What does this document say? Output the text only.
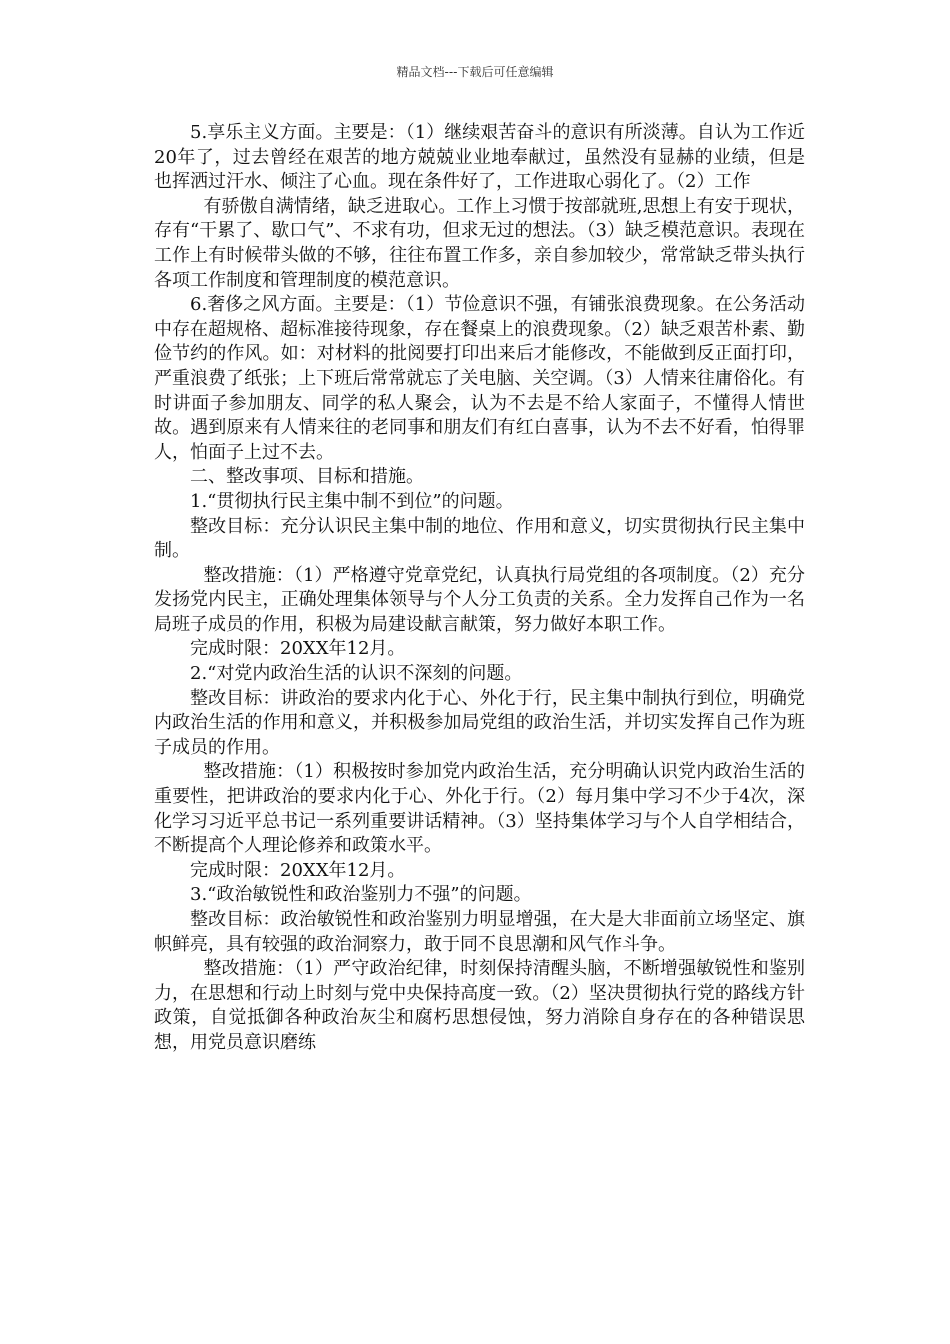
精品文档---下载后可任意编辑

5.享乐主义方面。主要是：（1）继续艰苦奋斗的意识有所淡薄。自认为工作近20年了，过去曾经在艰苦的地方兢兢业业地奉献过，虽然没有显赫的业绩，但是也挥洒过汗水、倾注了心血。现在条件好了，工作进取心弱化了。（2）工作

有骄傲自满情绪，缺乏进取心。工作上习惯于按部就班,思想上有安于现状，存有“干累了、歇口气”、不求有功，但求无过的想法。（3）缺乏模范意识。表现在工作上有时候带头做的不够，往往布置工作多，亲自参加较少，常常缺乏带头执行各项工作制度和管理制度的模范意识。

6.奢侈之风方面。主要是：（1）节俭意识不强，有铺张浪费现象。在公务活动中存在超规格、超标准接待现象，存在餐桌上的浪费现象。（2）缺乏艰苦朴素、勤俭节约的作风。如：对材料的批阅要打印出来后才能修改，不能做到反正面打印，严重浪费了纸张；上下班后常常就忘了关电脑、关空调。（3）人情来往庸俗化。有时讲面子参加朋友、同学的私人聚会，认为不去是不给人家面子，不懂得人情世故。遇到原来有人情来往的老同事和朋友们有红白喜事，认为不去不好看，怕得罪人，怕面子上过不去。

二、整改事项、目标和措施。

1.“贯彻执行民主集中制不到位”的问题。

整改目标：充分认识民主集中制的地位、作用和意义，切实贯彻执行民主集中制。

整改措施：（1）严格遵守党章党纪，认真执行局党组的各项制度。（2）充分发扬党内民主，正确处理集体领导与个人分工负责的关系。全力发挥自己作为一名局班子成员的作用，积极为局建设献言献策，努力做好本职工作。

完成时限：20XX年12月。

2.“对党内政治生活的认识不深刻的问题。

整改目标：讲政治的要求内化于心、外化于行，民主集中制执行到位，明确党内政治生活的作用和意义，并积极参加局党组的政治生活，并切实发挥自己作为班子成员的作用。

整改措施：（1）积极按时参加党内政治生活，充分明确认识党内政治生活的重要性，把讲政治的要求内化于心、外化于行。（2）每月集中学习不少于4次，深化学习习近平总书记一系列重要讲话精神。（3）坚持集体学习与个人自学相结合，不断提高个人理论修养和政策水平。

完成时限：20XX年12月。

3.“政治敏锐性和政治鉴别力不强”的问题。

整改目标：政治敏锐性和政治鉴别力明显增强，在大是大非面前立场坚定、旗帜鲜亮，具有较强的政治洞察力，敢于同不良思潮和风气作斗争。

整改措施：（1）严守政治纪律，时刻保持清醒头脑，不断增强敏锐性和鉴别力，在思想和行动上时刻与党中央保持高度一致。（2）坚决贯彻执行党的路线方针政策，自觉抵御各种政治灰尘和腐朽思想侵蚀，努力消除自身存在的各种错误思想，用党员意识磨练
